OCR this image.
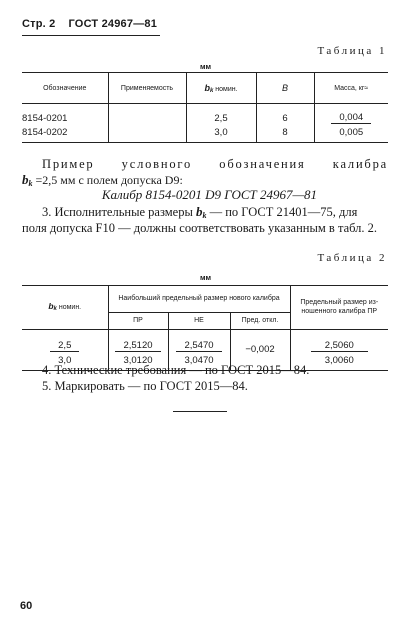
Стр. 2 ГОСТ 24967—81
Таблица 1
мм
Обозначение	Применяемость	bk номин.	B	Масса, кг≈
8154-0201		2,5	6	0,004
8154-0202		3,0	8	0,005
Пример условного обозначения калибра
bk =2,5 мм с полем допуска D9:
Калибр 8154-0201 D9 ГОСТ 24967—81
3. Исполнительные размеры bk — по ГОСТ 21401—75, для
поля допуска F10 — должны соответствовать указанным в табл. 2.
Таблица 2
мм
bk номин.	Наибольший предельный размер нового калибра			Предельный размер из-ношенного калибра ПР
	ПР	НЕ	Пред. откл.	
2,5	2,5120	2,5470	−0,002	2,5060
3,0	3,0120	3,0470		3,0060
4. Технические требования — по ГОСТ 2015—84.
5. Маркировать — по ГОСТ 2015—84.
60
